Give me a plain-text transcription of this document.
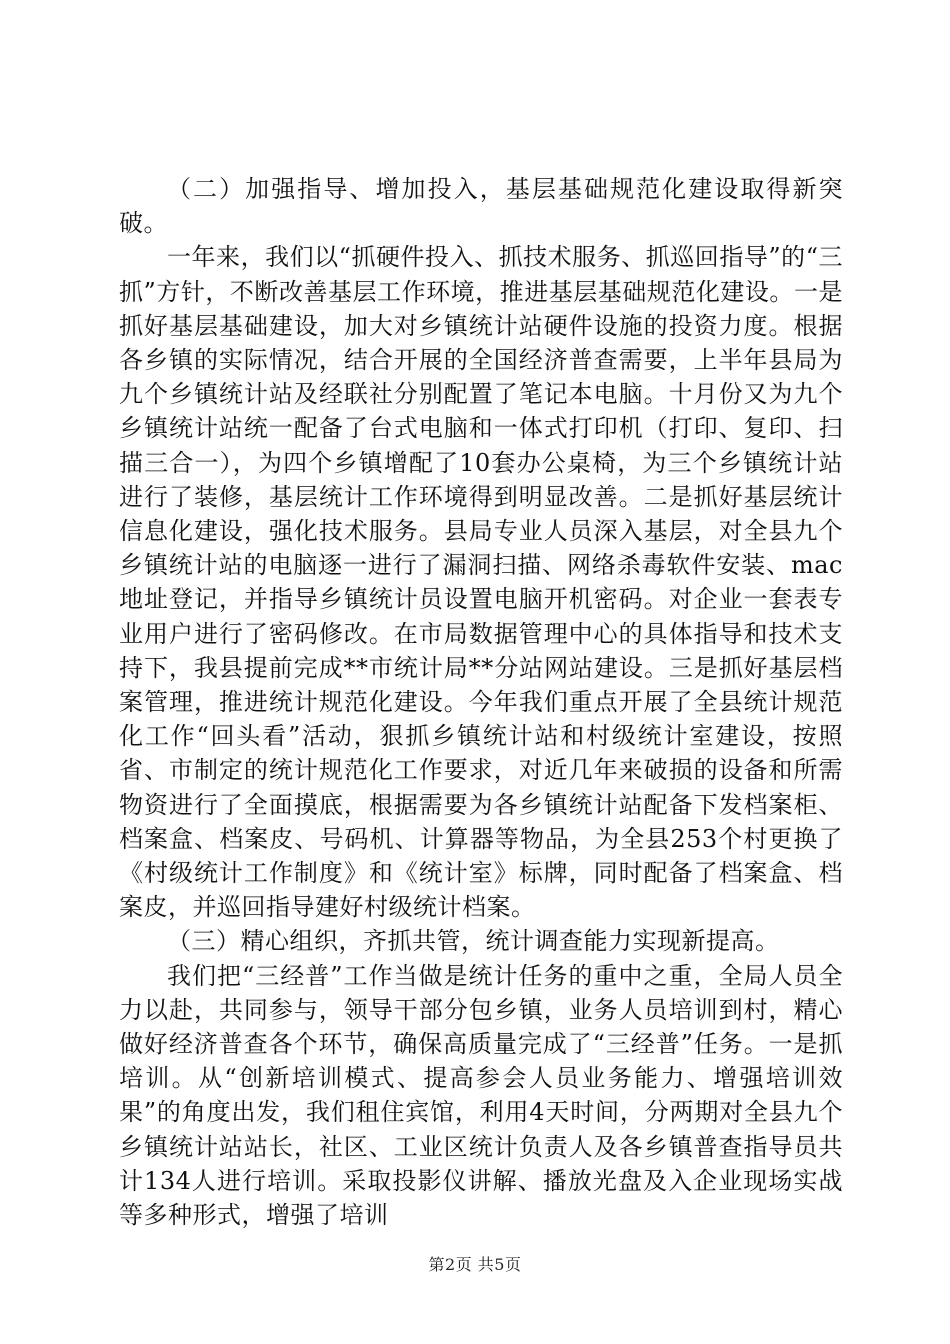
（二）加强指导、增加投入，基层基础规范化建设取得新突破。

一年来，我们以“抓硬件投入、抓技术服务、抓巡回指导”的“三抓”方针，不断改善基层工作环境，推进基层基础规范化建设。一是抓好基层基础建设，加大对乡镇统计站硬件设施的投资力度。根据各乡镇的实际情况，结合开展的全国经济普查需要，上半年县局为九个乡镇统计站及经联社分别配置了笔记本电脑。十月份又为九个乡镇统计站统一配备了台式电脑和一体式打印机（打印、复印、扫描三合一），为四个乡镇增配了10套办公桌椅，为三个乡镇统计站进行了装修，基层统计工作环境得到明显改善。二是抓好基层统计信息化建设，强化技术服务。县局专业人员深入基层，对全县九个乡镇统计站的电脑逐一进行了漏洞扫描、网络杀毒软件安装、mac地址登记，并指导乡镇统计员设置电脑开机密码。对企业一套表专业用户进行了密码修改。在市局数据管理中心的具体指导和技术支持下，我县提前完成**市统计局**分站网站建设。三是抓好基层档案管理，推进统计规范化建设。今年我们重点开展了全县统计规范化工作“回头看”活动，狠抓乡镇统计站和村级统计室建设，按照省、市制定的统计规范化工作要求，对近几年来破损的设备和所需物资进行了全面摸底，根据需要为各乡镇统计站配备下发档案柜、档案盒、档案皮、号码机、计算器等物品，为全县253个村更换了《村级统计工作制度》和《统计室》标牌，同时配备了档案盒、档案皮，并巡回指导建好村级统计档案。

（三）精心组织，齐抓共管，统计调查能力实现新提高。

我们把“三经普”工作当做是统计任务的重中之重，全局人员全力以赴，共同参与，领导干部分包乡镇，业务人员培训到村，精心做好经济普查各个环节，确保高质量完成了“三经普”任务。一是抓培训。从“创新培训模式、提高参会人员业务能力、增强培训效果”的角度出发，我们租住宾馆，利用4天时间，分两期对全县九个乡镇统计站站长，社区、工业区统计负责人及各乡镇普查指导员共计134人进行培训。采取投影仪讲解、播放光盘及入企业现场实战等多种形式，增强了培训

第2页 共5页
